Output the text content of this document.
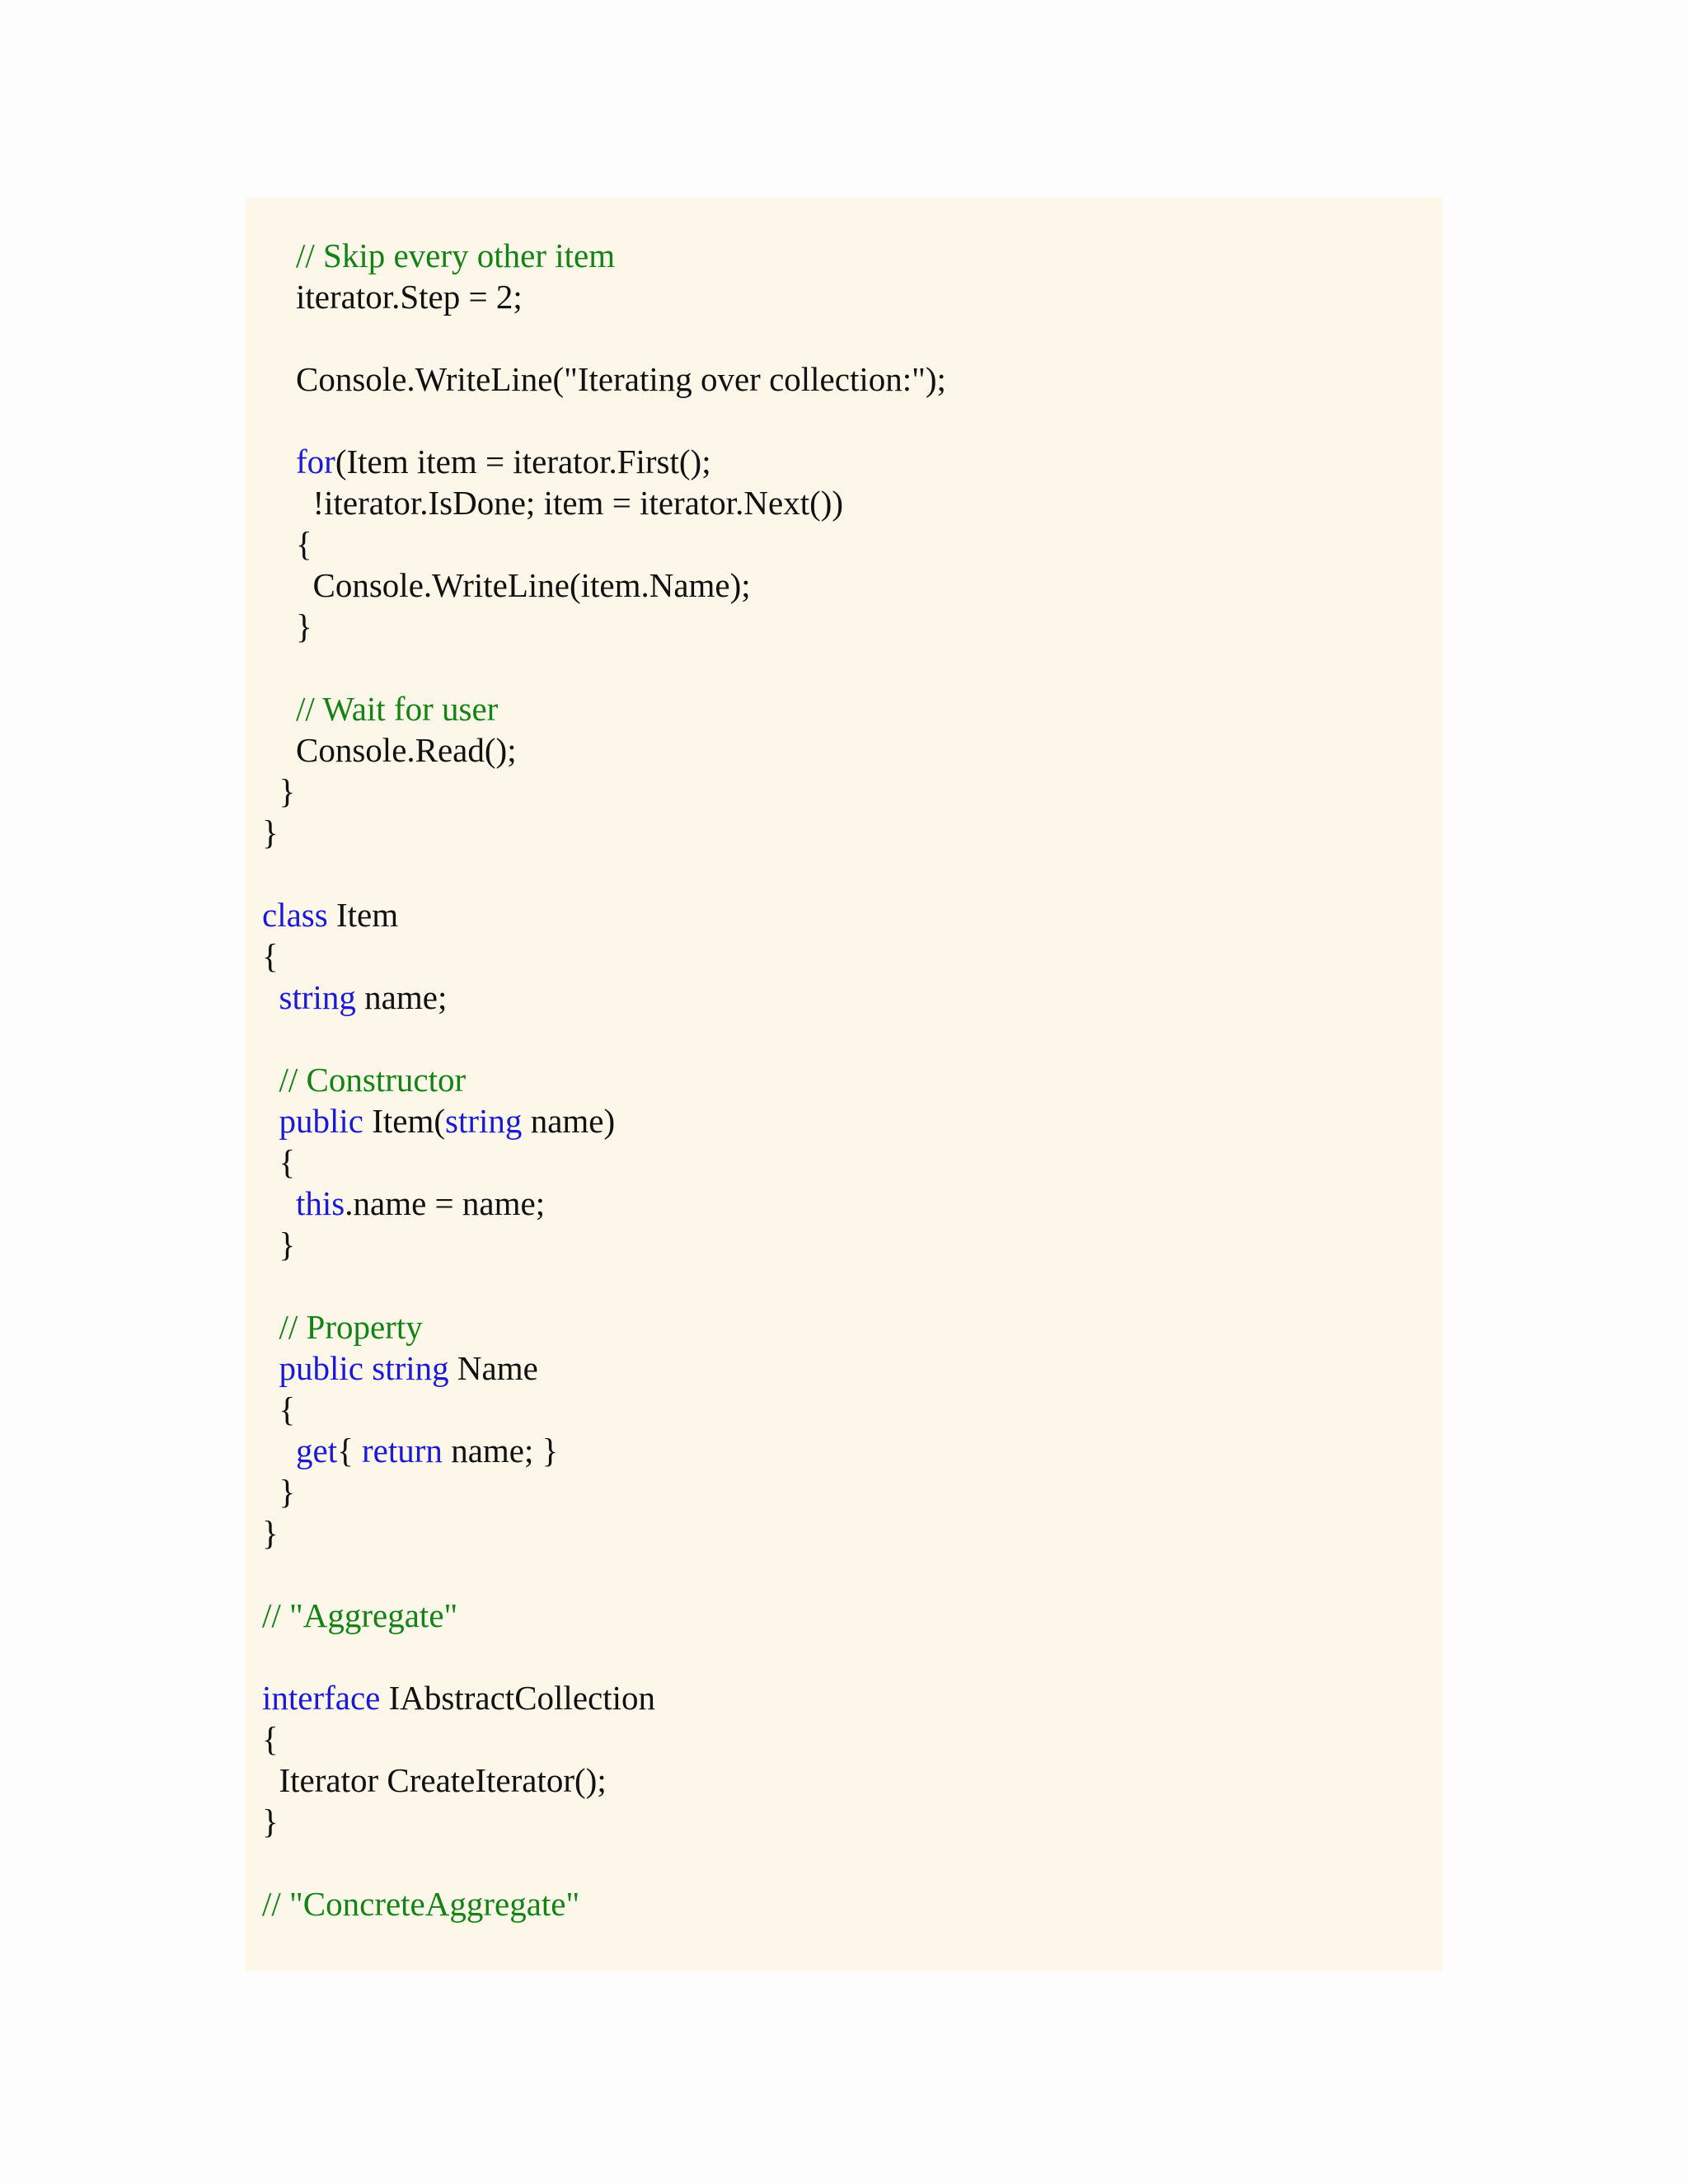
// Skip every other item
iterator.Step = 2;
Console.WriteLine("Iterating over collection:");
for(Item item = iterator.First();
!iterator.IsDone; item = iterator.Next())
{
Console.WriteLine(item.Name);
}
// Wait for user
Console.Read();
}
}
class Item
{
string name;
// Constructor
public Item(string name)
{
this.name = name;
}
// Property
public string Name
{
get{ return name; }
}
}
// "Aggregate"
interface IAbstractCollection
{
Iterator CreateIterator();
}
// "ConcreteAggregate"
